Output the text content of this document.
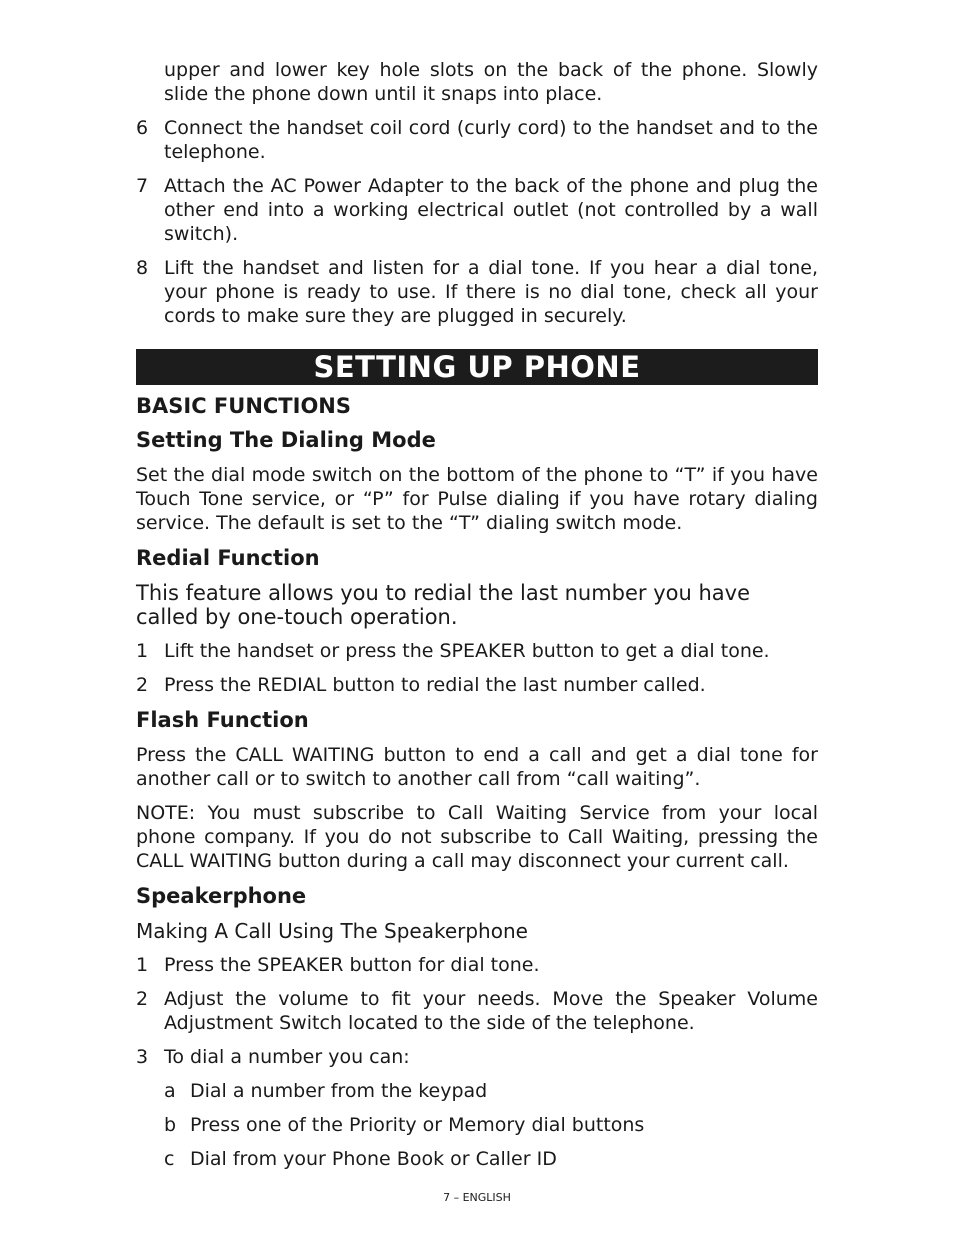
upper and lower key hole slots on the back of the phone. Slowly slide the phone down until it snaps into place.

6 Connect the handset coil cord (curly cord) to the handset and to the telephone.
7 Attach the AC Power Adapter to the back of the phone and plug the other end into a working electrical outlet (not controlled by a wall switch).
8 Lift the handset and listen for a dial tone. If you hear a dial tone, your phone is ready to use. If there is no dial tone, check all your cords to make sure they are plugged in securely.
SETTING UP PHONE
BASIC FUNCTIONS
Setting The Dialing Mode

Set the dial mode switch on the bottom of the phone to “T” if you have Touch Tone service, or “P” for Pulse dialing if you have rotary dialing service. The default is set to the “T” dialing switch mode.

Redial Function

This feature allows you to redial the last number you have called by one-touch operation.

1 Lift the handset or press the SPEAKER button to get a dial tone.
2 Press the REDIAL button to redial the last number called.
Flash Function

Press the CALL WAITING button to end a call and get a dial tone for another call or to switch to another call from “call waiting”.

NOTE: You must subscribe to Call Waiting Service from your local phone company. If you do not subscribe to Call Waiting, pressing the CALL WAITING button during a call may disconnect your current call.

Speakerphone

Making A Call Using The Speakerphone

1 Press the SPEAKER button for dial tone.
2 Adjust the volume to fit your needs. Move the Speaker Volume Adjustment Switch located to the side of the telephone.
3 To dial a number you can:
a Dial a number from the keypad
b Press one of the Priority or Memory dial buttons
c Dial from your Phone Book or Caller ID
7 – ENGLISH
